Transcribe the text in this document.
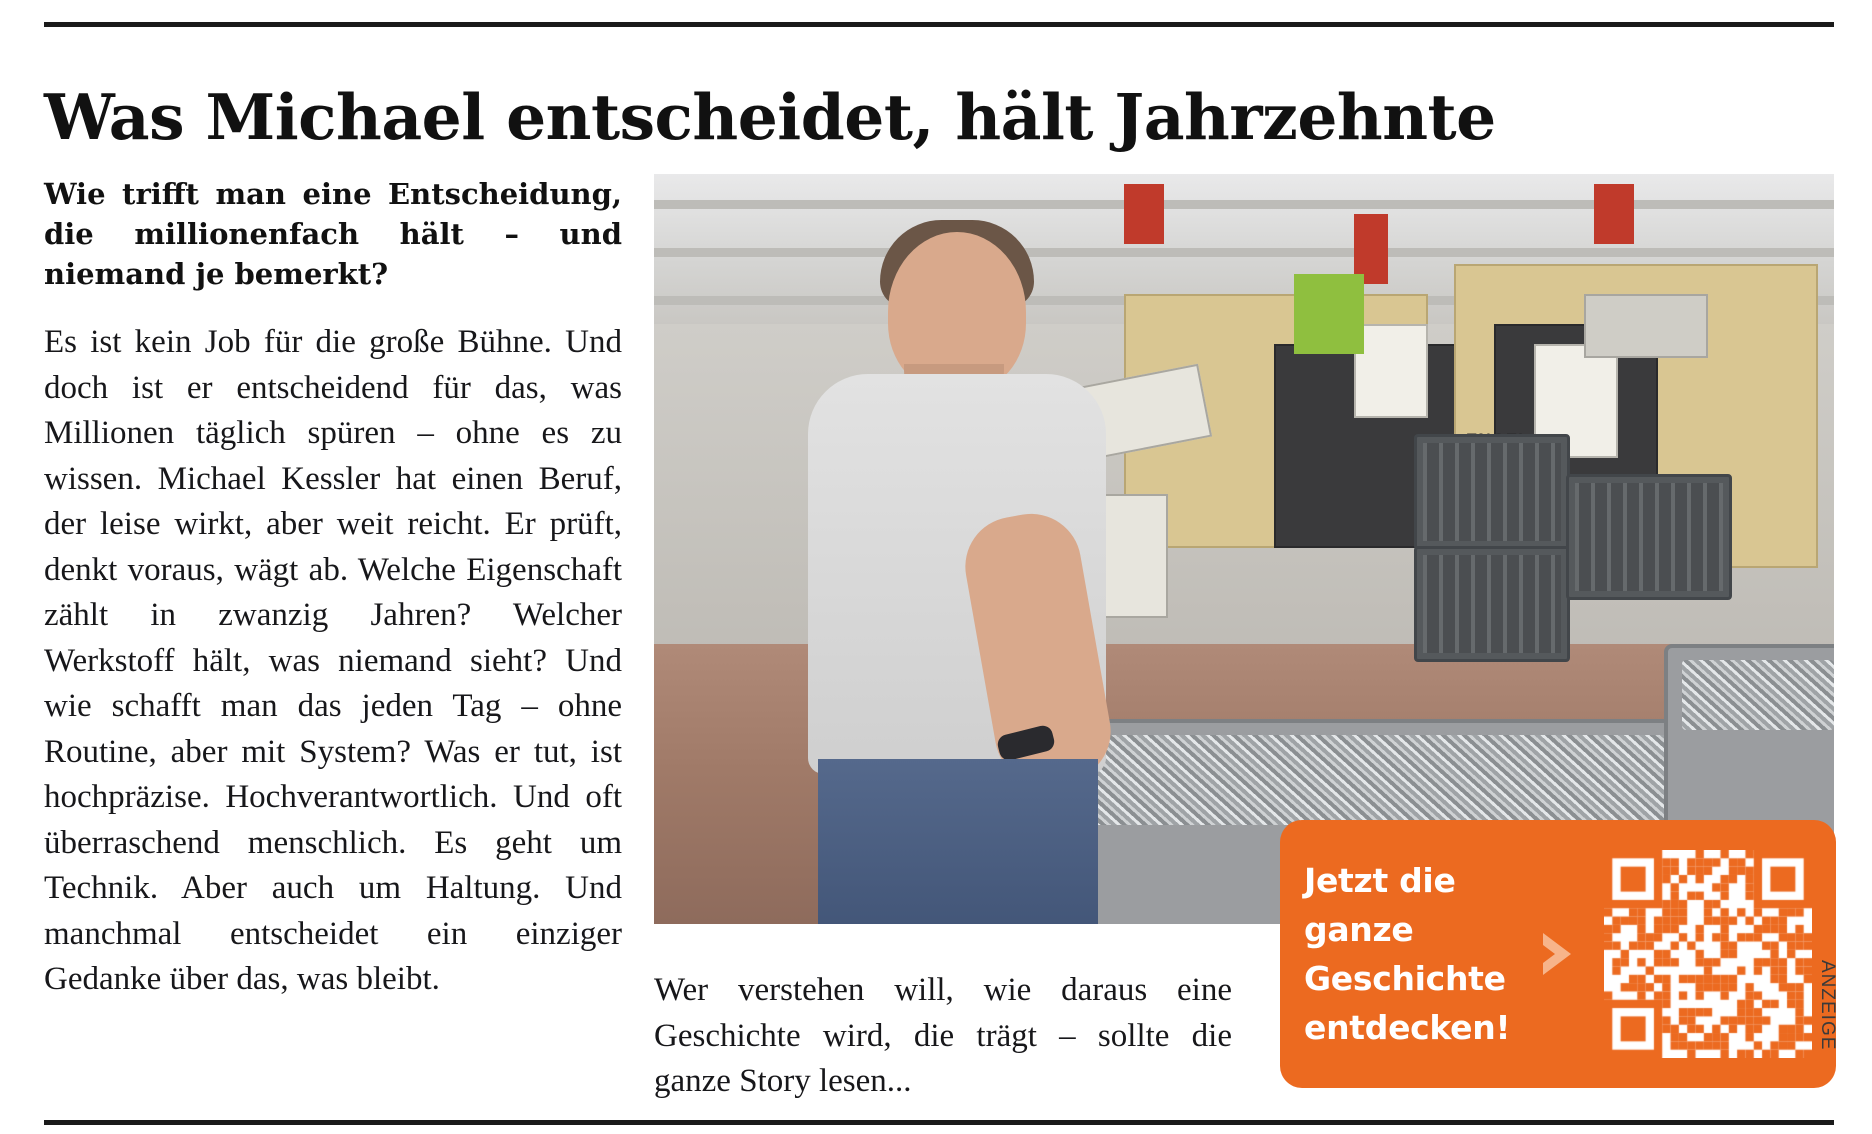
Was Michael entscheidet, hält Jahrzehnte

Wie trifft man eine Entscheidung, die millionenfach hält – und niemand je bemerkt?

Es ist kein Job für die große Bühne. Und doch ist er entscheidend für das, was Millionen täglich spüren – ohne es zu wissen. Michael Kessler hat einen Beruf, der leise wirkt, aber weit reicht. Er prüft, denkt voraus, wägt ab. Welche Eigenschaft zählt in zwanzig Jahren? Welcher Werkstoff hält, was niemand sieht? Und wie schafft man das jeden Tag – ohne Routine, aber mit System? Was er tut, ist hochpräzise. Hochverantwortlich. Und oft überraschend menschlich. Es geht um Technik. Aber auch um Haltung. Und manchmal entscheidet ein einziger Gedanke über das, was bleibt.	Wer verstehen will, wie daraus eine Geschichte wird, die trägt – sollte die ganze Story lesen...

Jetzt die
ganze
Geschichte
entdecken!	ANZEIGE
